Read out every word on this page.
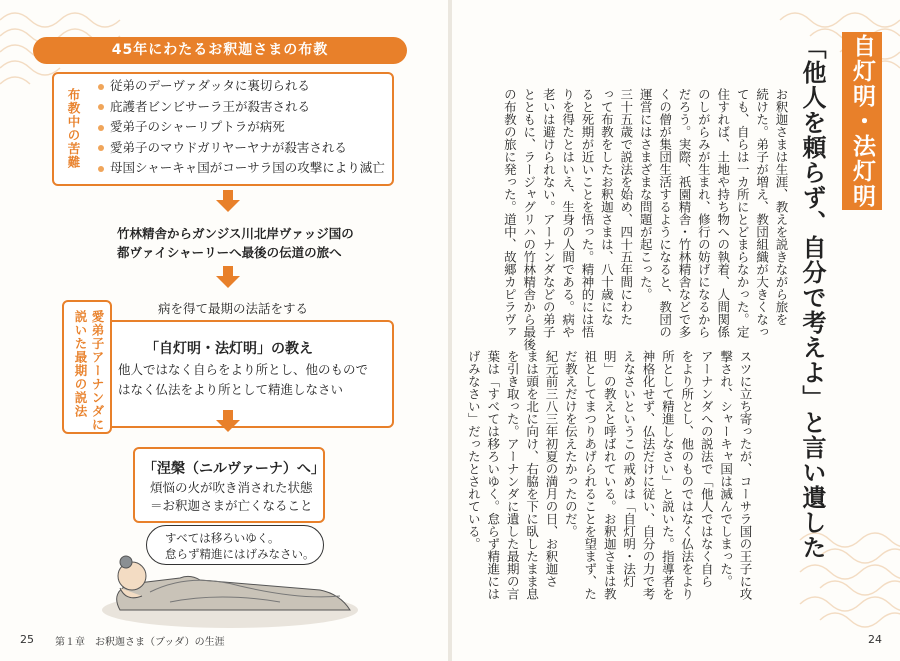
45年にわたるお釈迦さまの布教
布教中の苦難
従弟のデーヴァダッタに裏切られる
庇護者ビンビサーラ王が殺害される
愛弟子のシャーリプトラが病死
愛弟子のマウドガリヤーヤナが殺害される
母国シャーキャ国がコーサラ国の攻撃により滅亡
竹林精舎からガンジス川北岸ヴァッジ国の
都ヴァイシャーリーへ最後の伝道の旅へ
病を得て最期の法話をする
愛弟子アーナンダに
説いた最期の説法	「自灯明・法灯明」の教え
他人ではなく自らをより所とし、他のもので
はなく仏法をより所として精進しなさい
「涅槃（ニルヴァーナ）へ」
煩悩の火が吹き消された状態
＝お釈迦さまが亡くなること
すべては移ろいゆく。
怠らず精進にはげみなさい。
25 第１章　お釈迦さま（ブッダ）の生涯
自灯明・法灯明
「他人を頼らず、自分で考えよ」と言い遺した
お釈迦さまは生涯、教えを説きながら旅を
続けた。弟子が増え、教団組織が大きくなっ
ても、自らは一カ所にとどまらなかった。定
住すれば、土地や持ち物への執着、人間関係
のしがらみが生まれ、修行の妨げになるから
だろう。実際、祇園精舎・竹林精舎などで多
くの僧が集団生活するようになると、教団の
運営にはさまざまな問題が起こった。
三十五歳で説法を始め、四十五年間にわた
って布教をしたお釈迦さまは、八十歳にな
ると死期が近いことを悟った。精神的には悟
りを得たとはいえ、生身の人間である。病や
老いは避けられない。アーナンダなどの弟子
とともに、ラージャグリハの竹林精舎から最後
の布教の旅に発った。道中、故郷カピラヴァ
スツに立ち寄ったが、コーサラ国の王子に攻
撃され、シャーキャ国は滅んでしまった。
アーナンダへの説法で「他人ではなく自ら
をより所とし、他のものではなく仏法をより
所として精進しなさい」と説いた。指導者を
神格化せず、仏法だけに従い、自分の力で考
えなさいというこの戒めは「自灯明・法灯
明」の教えと呼ばれている。お釈迦さまは教
祖としてまつりあげられることを望まず、た
だ教えだけを伝えたかったのだ。
紀元前三八三年初夏の満月の日、お釈迦さ
まは頭を北に向け、右脇を下に臥したまま息
を引き取った。アーナンダに遺した最期の言
葉は「すべては移ろいゆく。怠らず精進には
げみなさい」だったとされている。
24
